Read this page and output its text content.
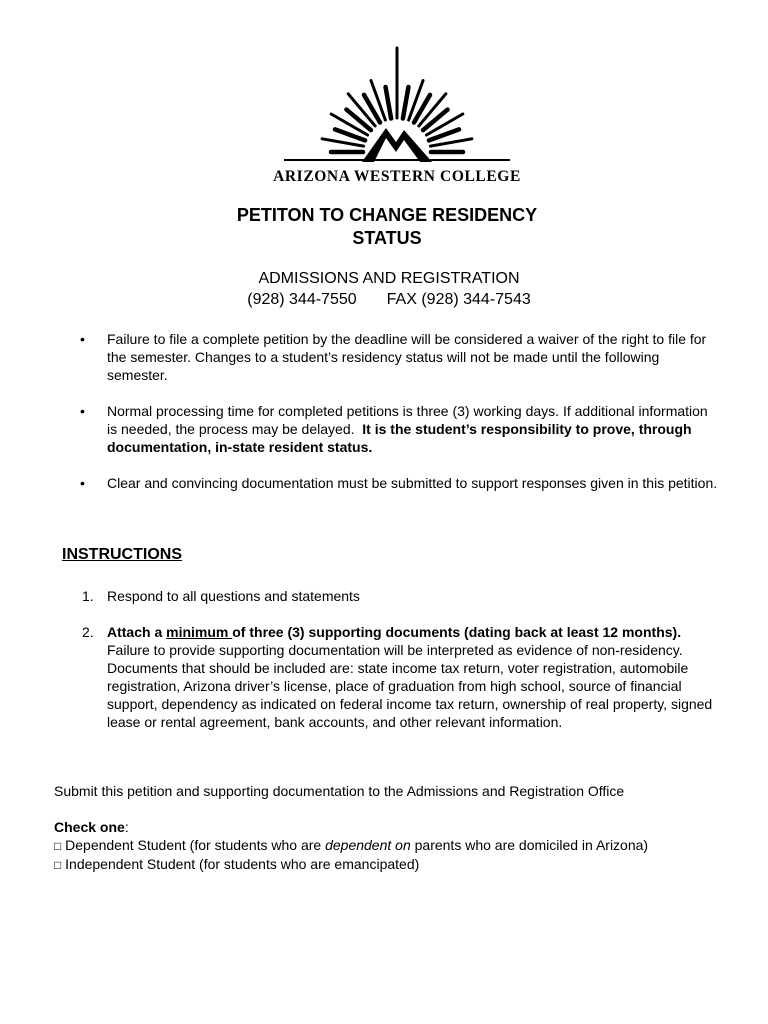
ARIZONA WESTERN COLLEGE
PETITON TO CHANGE RESIDENCY
STATUS
ADMISSIONS AND REGISTRATION
(928) 344-7550 FAX (928) 344-7543
• Failure to file a complete petition by the deadline will be considered a waiver of the right to file for the semester. Changes to a student’s residency status will not be made until the following semester.
• Normal processing time for completed petitions is three (3) working days. If additional information is needed, the process may be delayed. It is the student’s responsibility to prove, through documentation, in-state resident status.
• Clear and convincing documentation must be submitted to support responses given in this petition.
INSTRUCTIONS
1. Respond to all questions and statements
2. Attach a minimum of three (3) supporting documents (dating back at least 12 months). Failure to provide supporting documentation will be interpreted as evidence of non-residency. Documents that should be included are: state income tax return, voter registration, automobile registration, Arizona driver’s license, place of graduation from high school, source of financial support, dependency as indicated on federal income tax return, ownership of real property, signed lease or rental agreement, bank accounts, and other relevant information.
Submit this petition and supporting documentation to the Admissions and Registration Office
Check one:
□ Dependent Student (for students who are dependent on parents who are domiciled in Arizona)
□ Independent Student (for students who are emancipated)
